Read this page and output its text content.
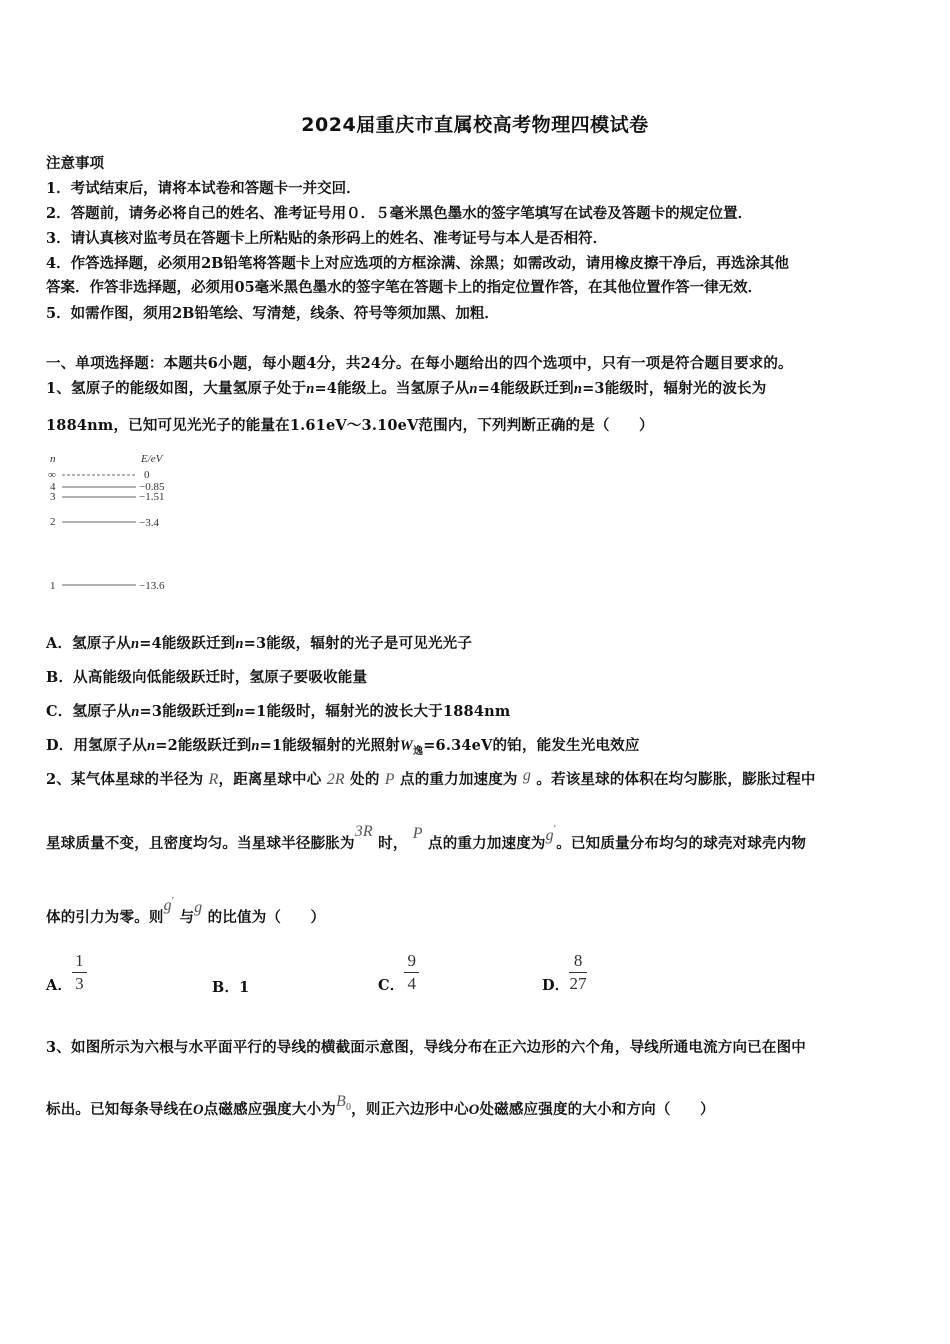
2024届重庆市直属校高考物理四模试卷
注意事项
1．考试结束后，请将本试卷和答题卡一并交回．
2．答题前，请务必将自己的姓名、准考证号用０．５毫米黑色墨水的签字笔填写在试卷及答题卡的规定位置．
3．请认真核对监考员在答题卡上所粘贴的条形码上的姓名、准考证号与本人是否相符．
4．作答选择题，必须用2B铅笔将答题卡上对应选项的方框涂满、涂黑；如需改动，请用橡皮擦干净后，再选涂其他
答案．作答非选择题，必须用05毫米黑色墨水的签字笔在答题卡上的指定位置作答，在其他位置作答一律无效．
5．如需作图，须用2B铅笔绘、写清楚，线条、符号等须加黑、加粗．
一、单项选择题：本题共6小题，每小题4分，共24分。在每小题给出的四个选项中，只有一项是符合题目要求的。
1、氢原子的能级如图，大量氢原子处于n=4能级上。当氢原子从n=4能级跃迁到n=3能级时，辐射光的波长为
1884nm，已知可见光光子的能量在1.61eV～3.10eV范围内，下列判断正确的是（　　）
n	E/eV
∞	0
4	−0.85
3	−1.51
2	−3.4
1	−13.6
A．氢原子从n=4能级跃迁到n=3能级，辐射的光子是可见光光子
B．从高能级向低能级跃迁时，氢原子要吸收能量
C．氢原子从n=3能级跃迁到n=1能级时，辐射光的波长大于1884nm
D．用氢原子从n=2能级跃迁到n=1能级辐射的光照射$W_逸=6.34eV$的铂，能发生光电效应
2、某气体星球的半径为 R，距离星球中心 2R 处的 P 点的重力加速度为 g 。若该星球的体积在均匀膨胀，膨胀过程中
星球质量不变，且密度均匀。当星球半径膨胀为3R 时， P 点的重力加速度为g′。已知质量分布均匀的球壳对球壳内物
体的引力为零。则g′ 与g 的比值为（　　）
A． $\frac{1}{3}$	B．1	C． $\frac{9}{4}$	D． $\frac{8}{27}$
3、如图所示为六根与水平面平行的导线的横截面示意图，导线分布在正六边形的六个角，导线所通电流方向已在图中
标出。已知每条导线在O点磁感应强度大小为$B^0$，则正六边形中心O处磁感应强度的大小和方向（　　）
